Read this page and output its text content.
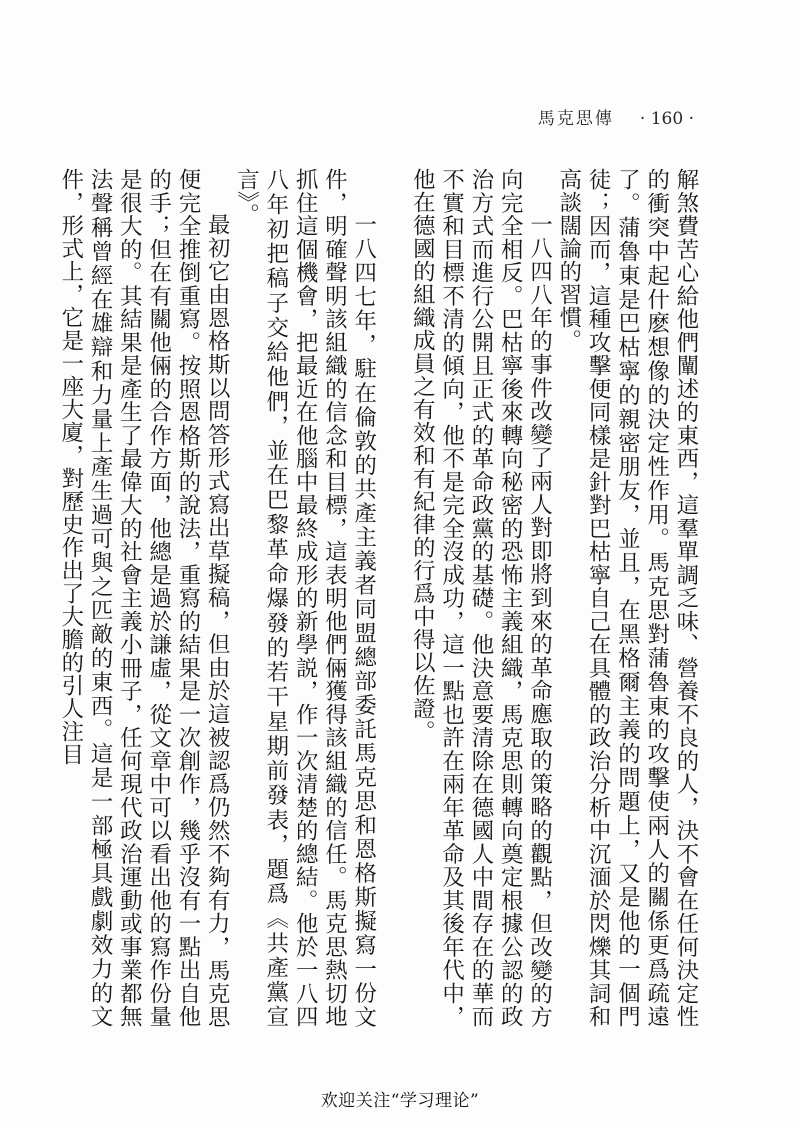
馬克思傳 · 160 ·

解煞費苦心給他們闡述的東西，這羣單調乏味、營養不良的人，決不會在任何決定性的衝突中起什麽想像的決定性作用。馬克思對蒲魯東的攻擊使兩人的關係更爲疏遠了。蒲魯東是巴枯寧的親密朋友，並且，在黑格爾主義的問題上，又是他的一個門徒；因而，這種攻擊便同樣是針對巴枯寧自己在具體的政治分析中沉湎於閃爍其詞和高談闊論的習慣。

一八四八年的事件改變了兩人對即將到來的革命應取的策略的觀點，但改變的方向完全相反。巴枯寧後來轉向秘密的恐怖主義組織，馬克思則轉向奠定根據公認的政治方式而進行公開且正式的革命政黨的基礎。他決意要清除在德國人中間存在的華而不實和目標不清的傾向，他不是完全沒成功，這一點也許在兩年革命及其後年代中，他在德國的組織成員之有效和有紀律的行爲中得以佐證。

一八四七年，駐在倫敦的共產主義者同盟總部委託馬克思和恩格斯擬寫一份文件，明確聲明該組織的信念和目標，這表明他們倆獲得該組織的信任。馬克思熱切地抓住這個機會，把最近在他腦中最終成形的新學説，作一次清楚的總結。他於一八四八年初把稿子交給他們，並在巴黎革命爆發的若干星期前發表，題爲《共產黨宣言》。

最初它由恩格斯以問答形式寫出草擬稿，但由於這被認爲仍然不夠有力，馬克思便完全推倒重寫。按照恩格斯的說法，重寫的結果是一次創作，幾乎沒有一點出自他的手；但在有關他倆的合作方面，他總是過於謙虛，從文章中可以看出他的寫作份量是很大的。其結果是產生了最偉大的社會主義小冊子，任何現代政治運動或事業都無法聲稱曾經在雄辯和力量上產生過可與之匹敵的東西。這是一部極具戲劇效力的文件，形式上，它是一座大廈，對歷史作出了大膽的引人注目

欢迎关注“学习理论”
